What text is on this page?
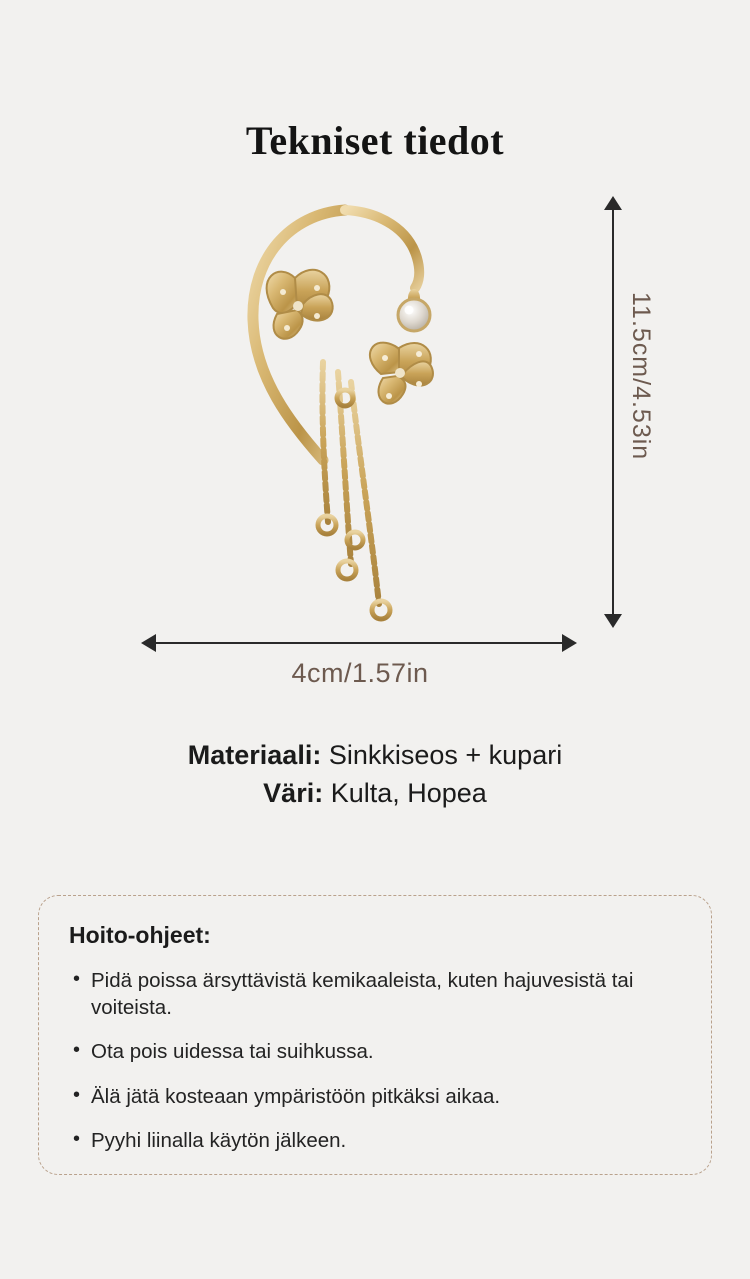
Tekniset tiedot
11.5cm/4.53in
4cm/1.57in
Materiaali: Sinkkiseos + kupari
Väri: Kulta, Hopea
Hoito-ohjeet:
• Pidä poissa ärsyttävistä kemikaaleista, kuten hajuvesistä tai voiteista.
• Ota pois uidessa tai suihkussa.
• Älä jätä kosteaan ympäristöön pitkäksi aikaa.
• Pyyhi liinalla käytön jälkeen.
